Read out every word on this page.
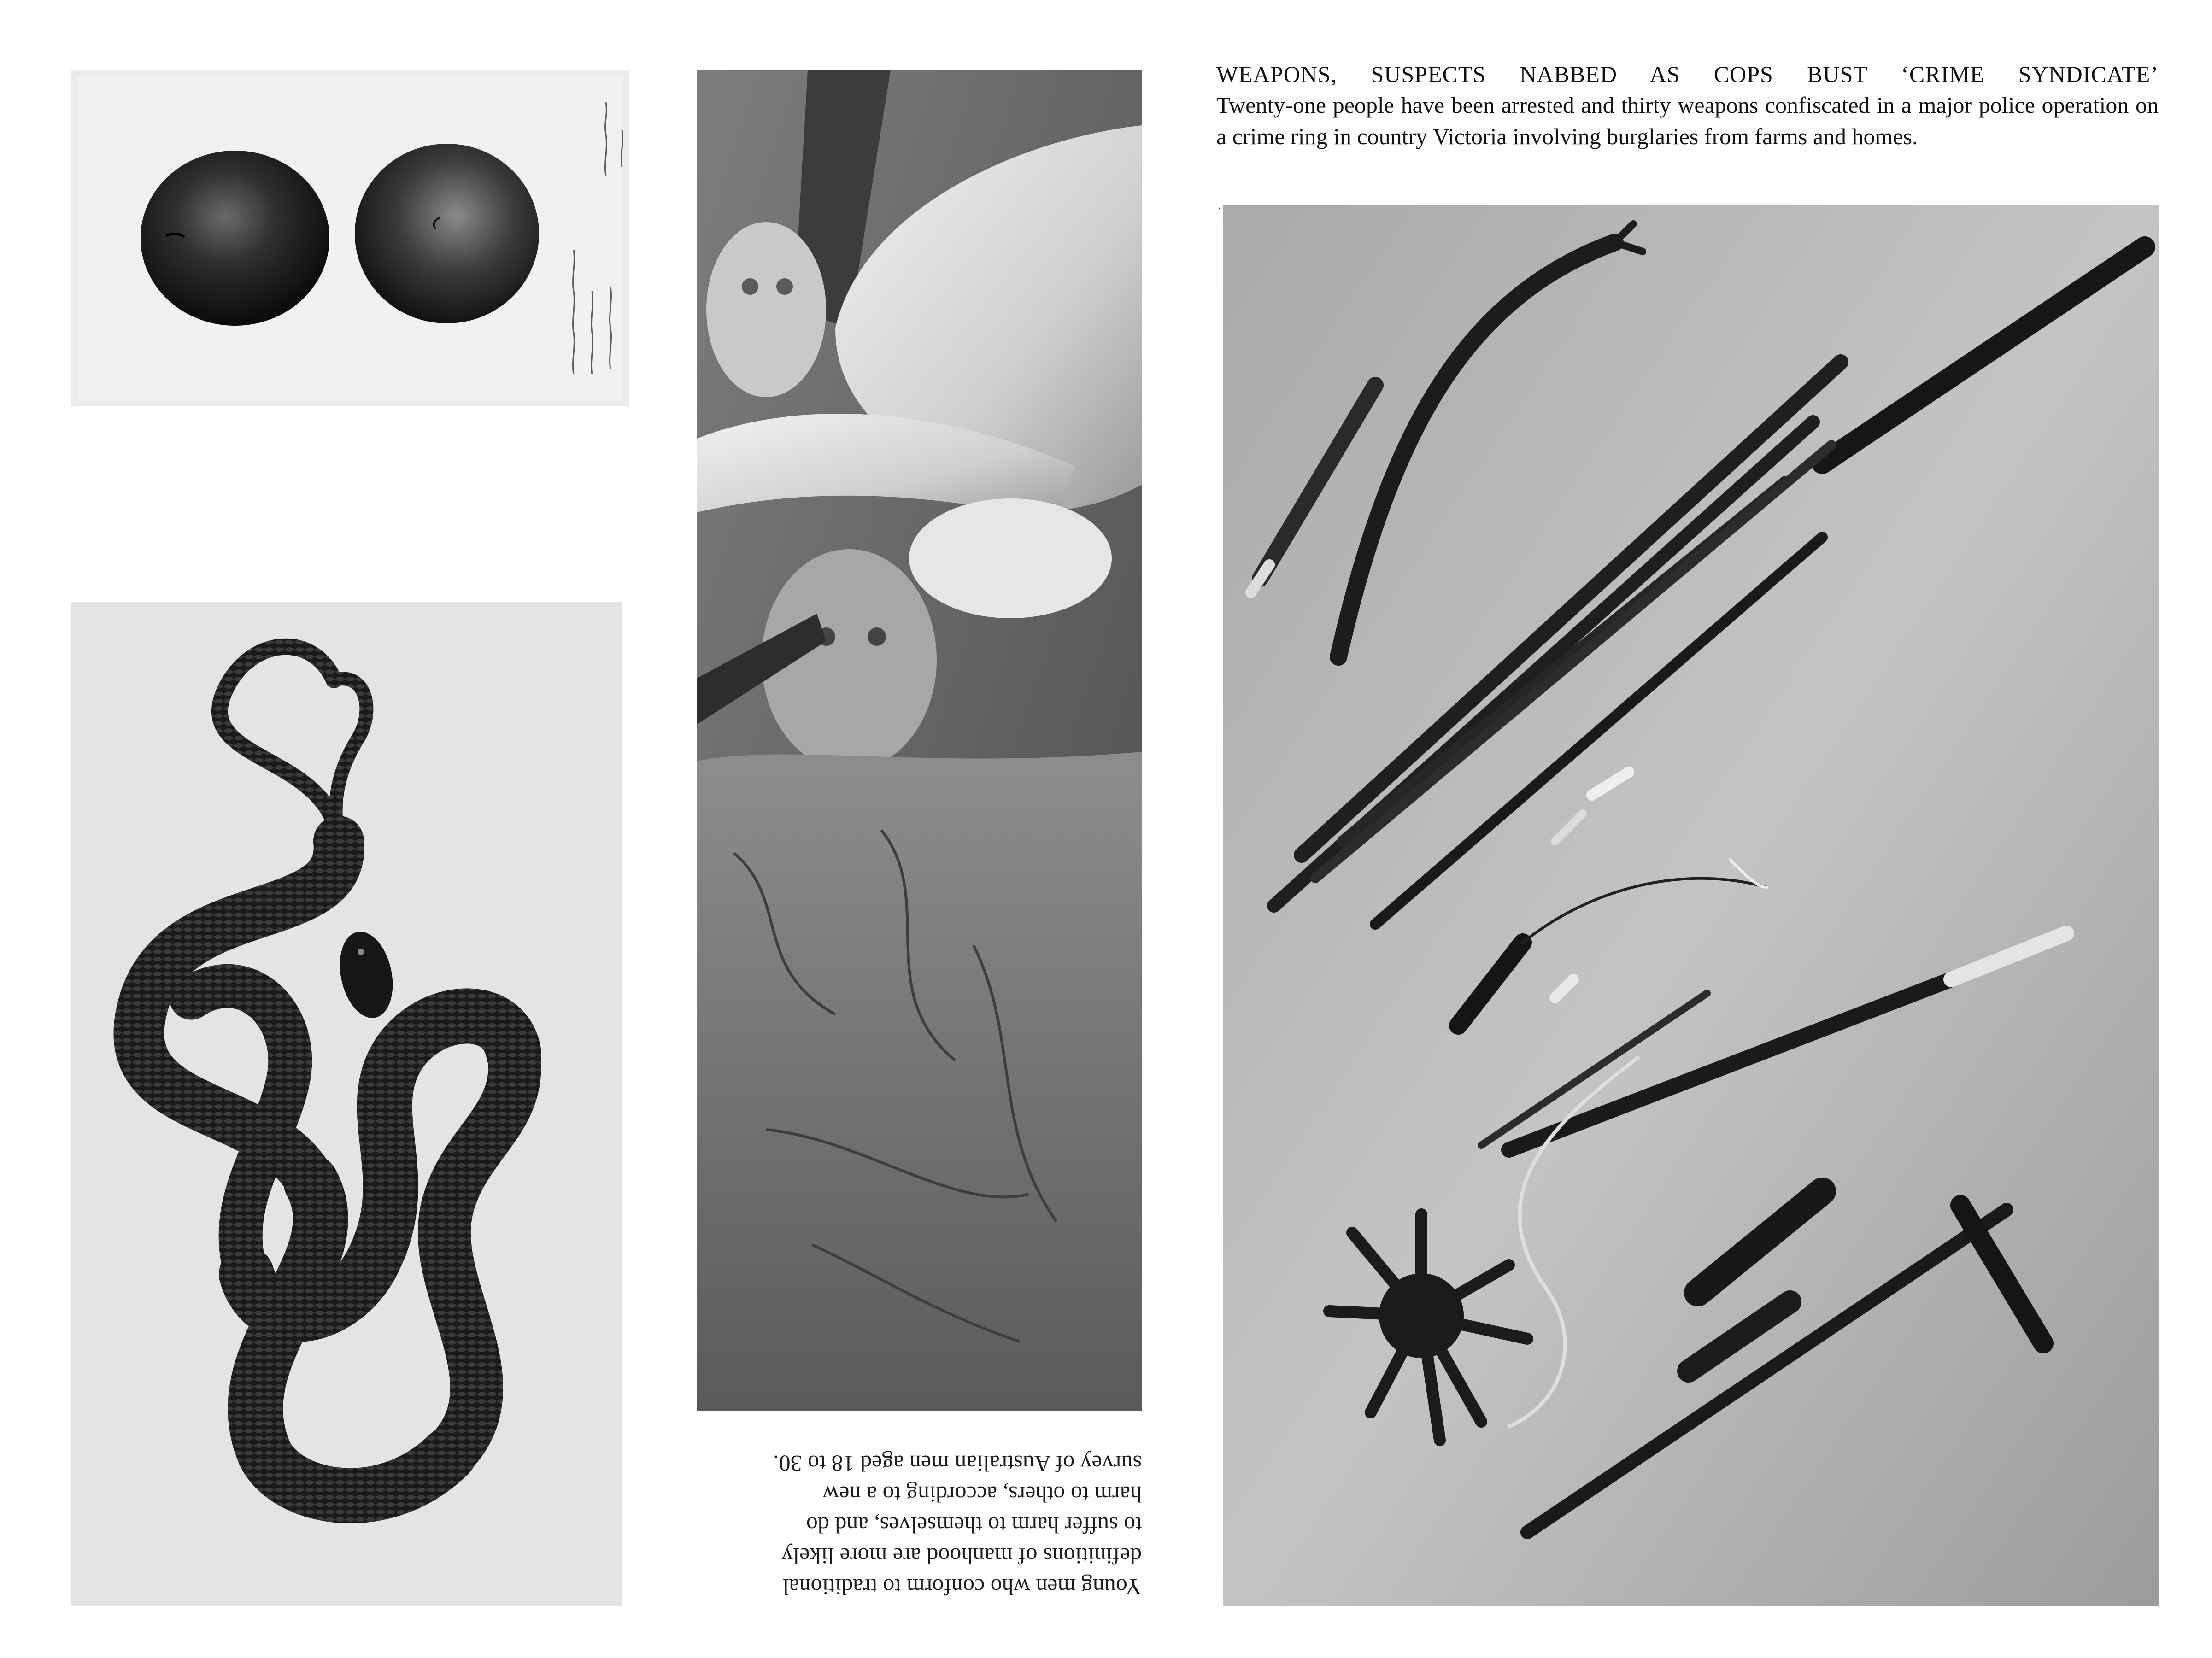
Young men who conform to traditional

definitions of manhood are more likely

to suffer harm to themselves, and do

harm to others, according to a new

survey of Australian men aged 18 to 30.

WEAPONS, SUSPECTS NABBED AS COPS BUST ‘CRIME SYNDICATE’

Twenty-one people have been arrested and thirty weapons confiscated in a major police operation on a crime ring in country Victoria involving burglaries from farms and homes.

.
